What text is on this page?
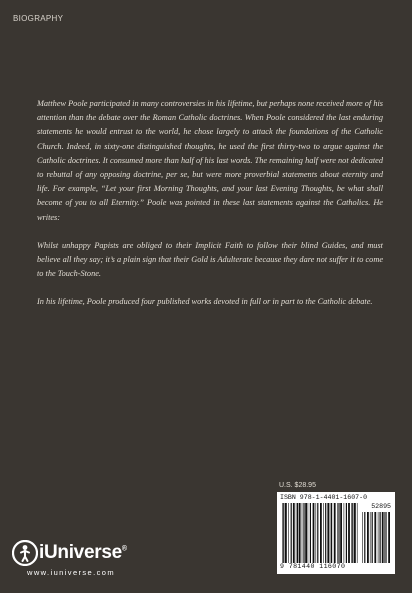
BIOGRAPHY

Matthew Poole participated in many controversies in his lifetime, but perhaps none received more of his attention than the debate over the Roman Catholic doctrines. When Poole considered the last enduring statements he would entrust to the world, he chose largely to attack the foundations of the Catholic Church. Indeed, in sixty-one distinguished thoughts, he used the first thirty-two to argue against the Catholic doctrines. It consumed more than half of his last words. The remaining half were not dedicated to rebuttal of any opposing doctrine, per se, but were more proverbial statements about eternity and life. For example, “Let your first Morning Thoughts, and your last Evening Thoughts, be what shall become of you to all Eternity.” Poole was pointed in these last statements against the Catholics. He writes:

Whilst unhappy Papists are obliged to their Implicit Faith to follow their blind Guides, and must believe all they say; it’s a plain sign that their Gold is Adulterate because they dare not suffer it to come to the Touch-Stone.

In his lifetime, Poole produced four published works devoted in full or in part to the Catholic debate.

U.S. $28.95
ISBN 978-1-4401-1607-0
52895
9 781440 116070
iUniverse®
www.iuniverse.com
